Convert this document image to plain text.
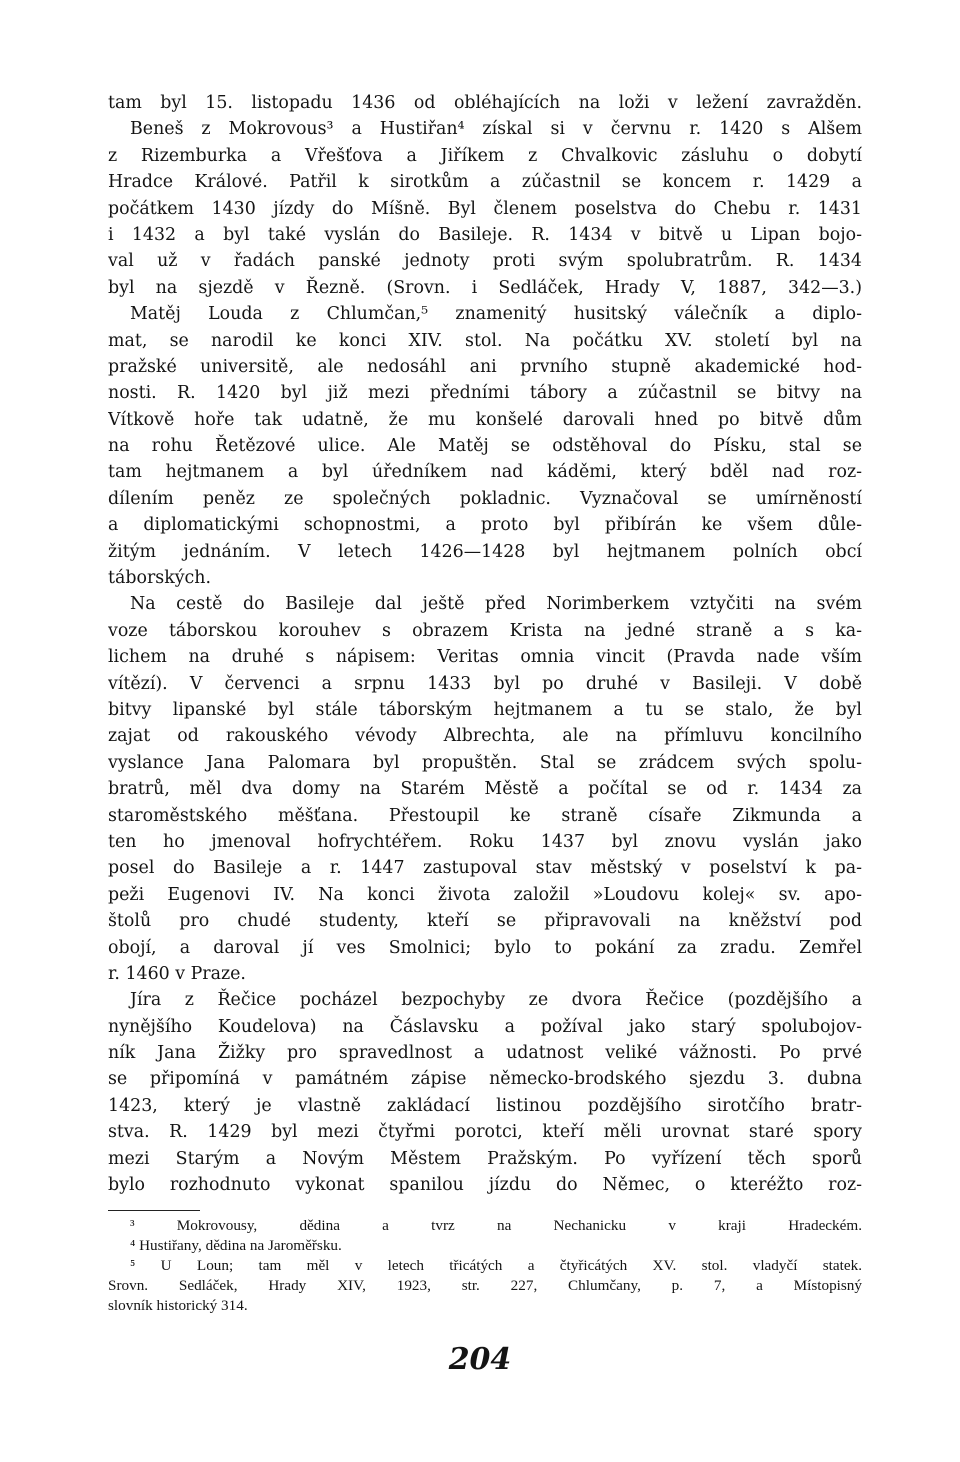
tam byl 15. listopadu 1436 od obléhajících na loži v ležení zavražděn.
Beneš z Mokrovous³ a Hustiřan⁴ získal si v červnu r. 1420 s Alšem
z Rizemburka a Vřešťova a Jiříkem z Chvalkovic zásluhu o dobytí
Hradce Králové. Patřil k sirotkům a zúčastnil se koncem r. 1429 a
počátkem 1430 jízdy do Míšně. Byl členem poselstva do Chebu r. 1431
i 1432 a byl také vyslán do Basileje. R. 1434 v bitvě u Lipan bojo-
val už v řadách panské jednoty proti svým spolubratrům. R. 1434
byl na sjezdě v Řezně. (Srovn. i Sedláček, Hrady V, 1887, 342—3.)
Matěj Louda z Chlumčan,⁵ znamenitý husitský válečník a diplo-
mat, se narodil ke konci XIV. stol. Na počátku XV. století byl na
pražské universitě, ale nedosáhl ani prvního stupně akademické hod-
nosti. R. 1420 byl již mezi předními tábory a zúčastnil se bitvy na
Vítkově hoře tak udatně, že mu konšelé darovali hned po bitvě dům
na rohu Řetězové ulice. Ale Matěj se odstěhoval do Písku, stal se
tam hejtmanem a byl úředníkem nad káděmi, který bděl nad roz-
dílením peněz ze společných pokladnic. Vyznačoval se umírněností
a diplomatickými schopnostmi, a proto byl přibírán ke všem důle-
žitým jednáním. V letech 1426—1428 byl hejtmanem polních obcí
táborských.
Na cestě do Basileje dal ještě před Norimberkem vztyčiti na svém
voze táborskou korouhev s obrazem Krista na jedné straně a s ka-
lichem na druhé s nápisem: Veritas omnia vincit (Pravda nade vším
vítězí). V červenci a srpnu 1433 byl po druhé v Basileji. V době
bitvy lipanské byl stále táborským hejtmanem a tu se stalo, že byl
zajat od rakouského vévody Albrechta, ale na přímluvu koncilního
vyslance Jana Palomara byl propuštěn. Stal se zrádcem svých spolu-
bratrů, měl dva domy na Starém Městě a počítal se od r. 1434 za
staroměstského měšťana. Přestoupil ke straně císaře Zikmunda a
ten ho jmenoval hofrychtéřem. Roku 1437 byl znovu vyslán jako
posel do Basileje a r. 1447 zastupoval stav městský v poselství k pa-
peži Eugenovi IV. Na konci života založil »Loudovu kolej« sv. apo-
štolů pro chudé studenty, kteří se připravovali na kněžství pod
obojí, a daroval jí ves Smolnici; bylo to pokání za zradu. Zemřel
r. 1460 v Praze.
Jíra z Řečice pocházel bezpochyby ze dvora Řečice (pozdějšího a
nynějšího Koudelova) na Čáslavsku a požíval jako starý spolubojov-
ník Jana Žižky pro spravedlnost a udatnost veliké vážnosti. Po prvé
se připomíná v památném zápise německo-brodského sjezdu 3. dubna
1423, který je vlastně zakládací listinou pozdějšího sirotčího bratr-
stva. R. 1429 byl mezi čtyřmi porotci, kteří měli urovnat staré spory
mezi Starým a Novým Městem Pražským. Po vyřízení těch sporů
bylo rozhodnuto vykonat spanilou jízdu do Němec, o kteréžto roz-
³ Mokrovousy, dědina a tvrz na Nechanicku v kraji Hradeckém.
⁴ Hustiřany, dědina na Jaroměřsku.
⁵ U Loun; tam měl v letech třicátých a čtyřicátých XV. stol. vladyčí statek.
Srovn. Sedláček, Hrady XIV, 1923, str. 227, Chlumčany, p. 7, a Místopisný
slovník historický 314.
204
